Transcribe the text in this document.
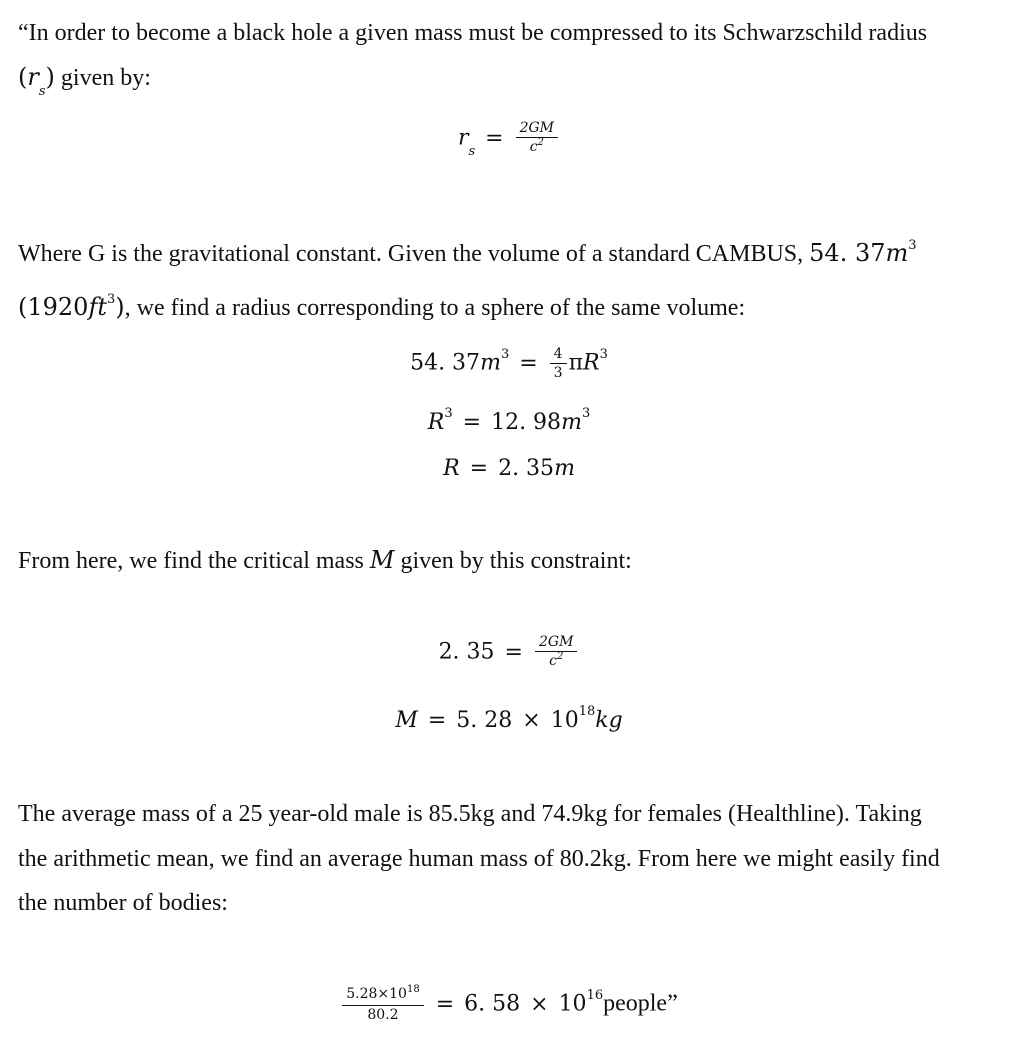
“In order to become a black hole a given mass must be compressed to its Schwarzschild radius
$(r_s)$ given by:
$r_s= \frac{2GM}{c^2}$
Where G is the gravitational constant. Given the volume of a standard CAMBUS, 54. $37m^3$
$(1920ft^3)$, we find a radius corresponding to a sphere of the same volume:
54. $37m^3 = \frac{4}{3} \pi R^3$
$R^3 = 12$. $98m^3$
R = 2. 35m
From here, we find the critical mass M given by this constraint:
2. $35 = \frac{2GM}{c^2}$
M = 5. $28 \times 10^{18}kg$
The average mass of a 25 year-old male is 85.5kg and 74.9kg for females (Healthline). Taking
the arithmetic mean, we find an average human mass of 80.2kg. From here we might easily find
the number of bodies:
$\frac{5.28\times 10^{18}}{80.2} = 6$. $58 \times 10^{16}people$”
